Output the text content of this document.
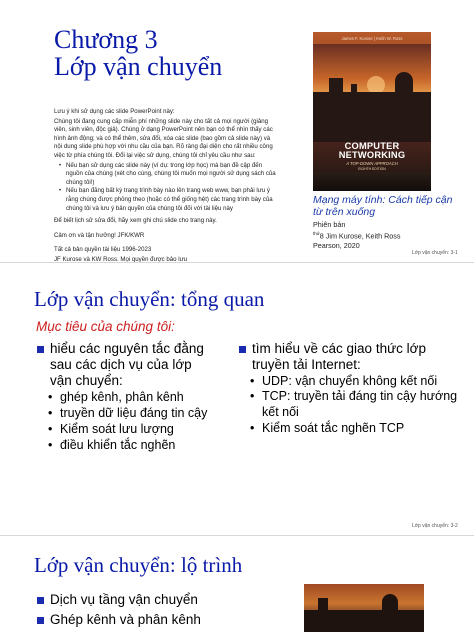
Chương 3
Lớp vận chuyển

Lưu ý khi sử dụng các slide PowerPoint này:

Chúng tôi đang cung cấp miễn phí những slide này cho tất cả mọi người (giảng viên, sinh viên, độc giả). Chúng ở dạng PowerPoint nên bạn có thể nhìn thấy các hình ảnh động; và có thể thêm, sửa đổi, xóa các slide (bao gồm cả slide này) và nội dung slide phù hợp với nhu cầu của bạn. Rõ ràng đại diện cho rất nhiều công việc từ phía chúng tôi. Đổi lại việc sử dụng, chúng tôi chỉ yêu cầu như sau:

• Nếu bạn sử dụng các slide này (ví dụ: trong lớp học) mà bạn đề cập đến nguồn của chúng (xét cho cùng, chúng tôi muốn mọi người sử dụng sách của chúng tôi!)
• Nếu bạn đăng bất kỳ trang trình bày nào lên trang web www, bạn phải lưu ý rằng chúng được phỏng theo (hoặc có thể giống hệt) các trang trình bày của chúng tôi và lưu ý bản quyền của chúng tôi đối với tài liệu này

Để biết lịch sử sửa đổi, hãy xem ghi chú slide cho trang này.

Cảm ơn và tận hưởng! JFK/KWR

Tất cả bản quyền tài liệu 1996-2023

JF Kurose và KW Ross. Mọi quyền được bảo lưu

James F. Kurose | Keith W. Ross
COMPUTER
NETWORKING
A TOP-DOWN APPROACH
EIGHTH EDITION
Mạng máy tính: Cách tiếp cận từ trên xuống
Phiên bản
$^{thứ}$8 Jim Kurose, Keith Ross
Pearson, 2020
Lớp vận chuyển: 3-1
Lớp vận chuyển: tổng quan
Mục tiêu của chúng tôi:
hiểu các nguyên tắc đằng
sau các dịch vụ của lớp
vận chuyển:
• ghép kênh, phân kênh
• truyền dữ liệu đáng tin cậy
• Kiểm soát lưu lượng
• điều khiển tắc nghẽn
tìm hiểu về các giao thức lớp
truyền tải Internet:
• UDP: vận chuyển không kết nối
• TCP: truyền tải đáng tin cậy hướng
kết nối
• Kiểm soát tắc nghẽn TCP
Lớp vận chuyển: 3-2
Lớp vận chuyển: lộ trình
Dịch vụ tầng vận chuyển
Ghép kênh và phân kênh
